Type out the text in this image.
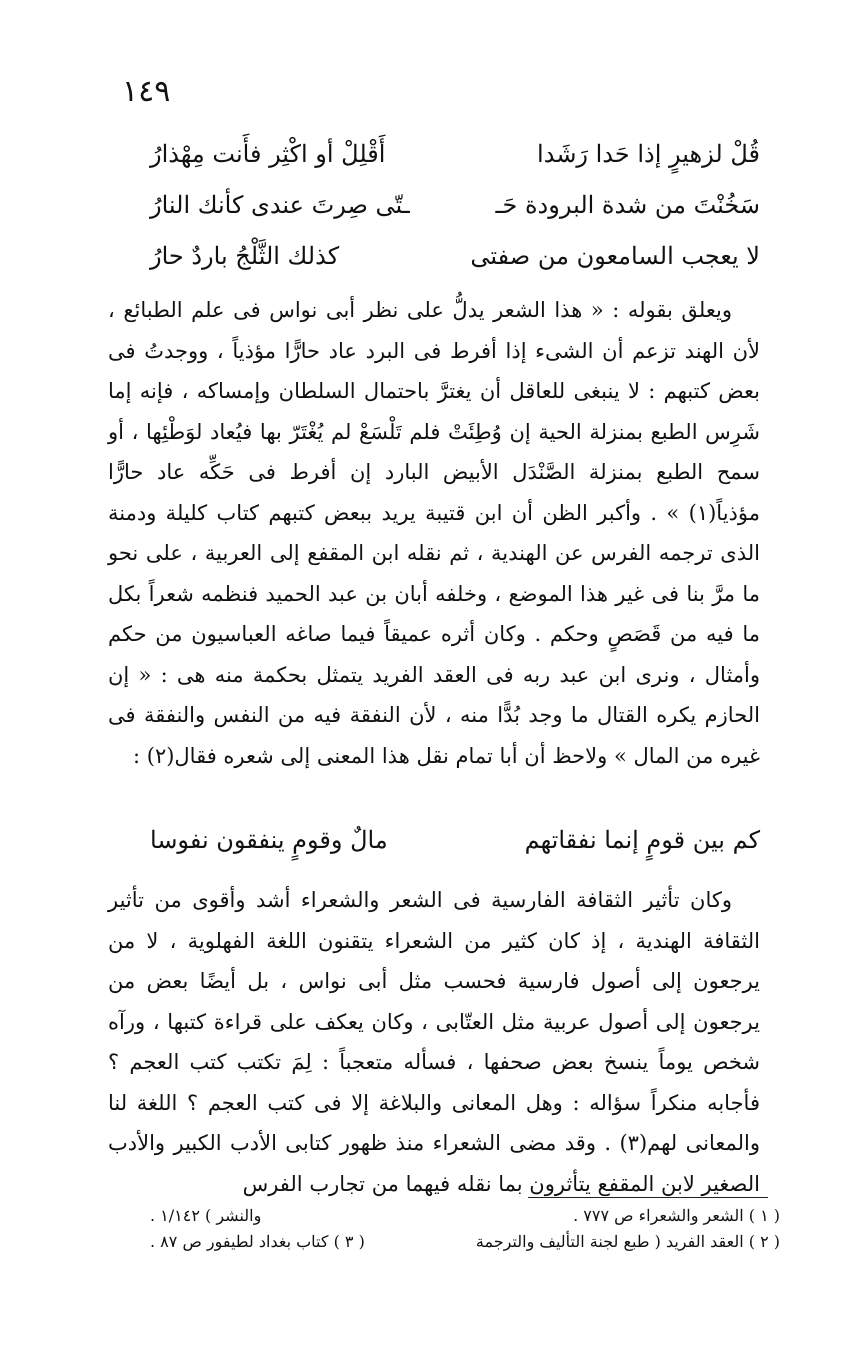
١٤٩
قُلْ لزهيرٍ إذا حَدا رَشَدا
أَقْلِلْ أو اكْثِر فأَنت مِهْذارُ
سَخُنْتَ من شدة البرودة حَـ
ـتّى صِرتَ عندى كأنك النارُ
لا يعجب السامعون من صفتى
كذلك الثَّلْجُ باردٌ حارُ

ويعلق بقوله : « هذا الشعر يدلُّ على نظر أبى نواس فى علم الطبائع ، لأن الهند تزعم أن الشىء إذا أفرط فى البرد عاد حارًّا مؤذياً ، ووجدتُ فى بعض كتبهم : لا ينبغى للعاقل أن يغترَّ باحتمال السلطان وإمساكه ، فإنه إما شَرِس الطبع بمنزلة الحية إن وُطِئَتْ فلم تَلْسَعْ لم يُغْتَرّ بها فيُعاد لوَطْئِها ، أو سمح الطبع بمنزلة الصَّنْدَل الأبيض البارد إن أفرط فى حَكِّه عاد حارًّا مؤذياً(١) » . وأكبر الظن أن ابن قتيبة يريد ببعض كتبهم كتاب كليلة ودمنة الذى ترجمه الفرس عن الهندية ، ثم نقله ابن المقفع إلى العربية ، على نحو ما مرَّ بنا فى غير هذا الموضع ، وخلفه أبان بن عبد الحميد فنظمه شعراً بكل ما فيه من قَصَصٍ وحكم . وكان أثره عميقاً فيما صاغه العباسيون من حكم وأمثال ، ونرى ابن عبد ربه فى العقد الفريد يتمثل بحكمة منه هى : « إن الحازم يكره القتال ما وجد بُدًّا منه ، لأن النفقة فيه من النفس والنفقة فى غيره من المال » ولاحظ أن أبا تمام نقل هذا المعنى إلى شعره فقال(٢) :

كم بين قومٍ إنما نفقاتهم
مالٌ وقومٍ ينفقون نفوسا

وكان تأثير الثقافة الفارسية فى الشعر والشعراء أشد وأقوى من تأثير الثقافة الهندية ، إذ كان كثير من الشعراء يتقنون اللغة الفهلوية ، لا من يرجعون إلى أصول فارسية فحسب مثل أبى نواس ، بل أيضًا بعض من يرجعون إلى أصول عربية مثل العتّابى ، وكان يعكف على قراءة كتبها ، ورآه شخص يوماً ينسخ بعض صحفها ، فسأله متعجباً : لِمَ تكتب كتب العجم ؟ فأجابه منكراً سؤاله : وهل المعانى والبلاغة إلا فى كتب العجم ؟ اللغة لنا والمعانى لهم(٣) . وقد مضى الشعراء منذ ظهور كتابى الأدب الكبير والأدب الصغير لابن المقفع يتأثرون بما نقله فيهما من تجارب الفرس

( ١ ) الشعر والشعراء ص ٧٧٧ .
والنشر ) ١/١٤٢ .
( ٢ ) العقد الفريد ( طبع لجنة التأليف والترجمة
( ٣ ) كتاب بغداد لطيفور ص ٨٧ .
